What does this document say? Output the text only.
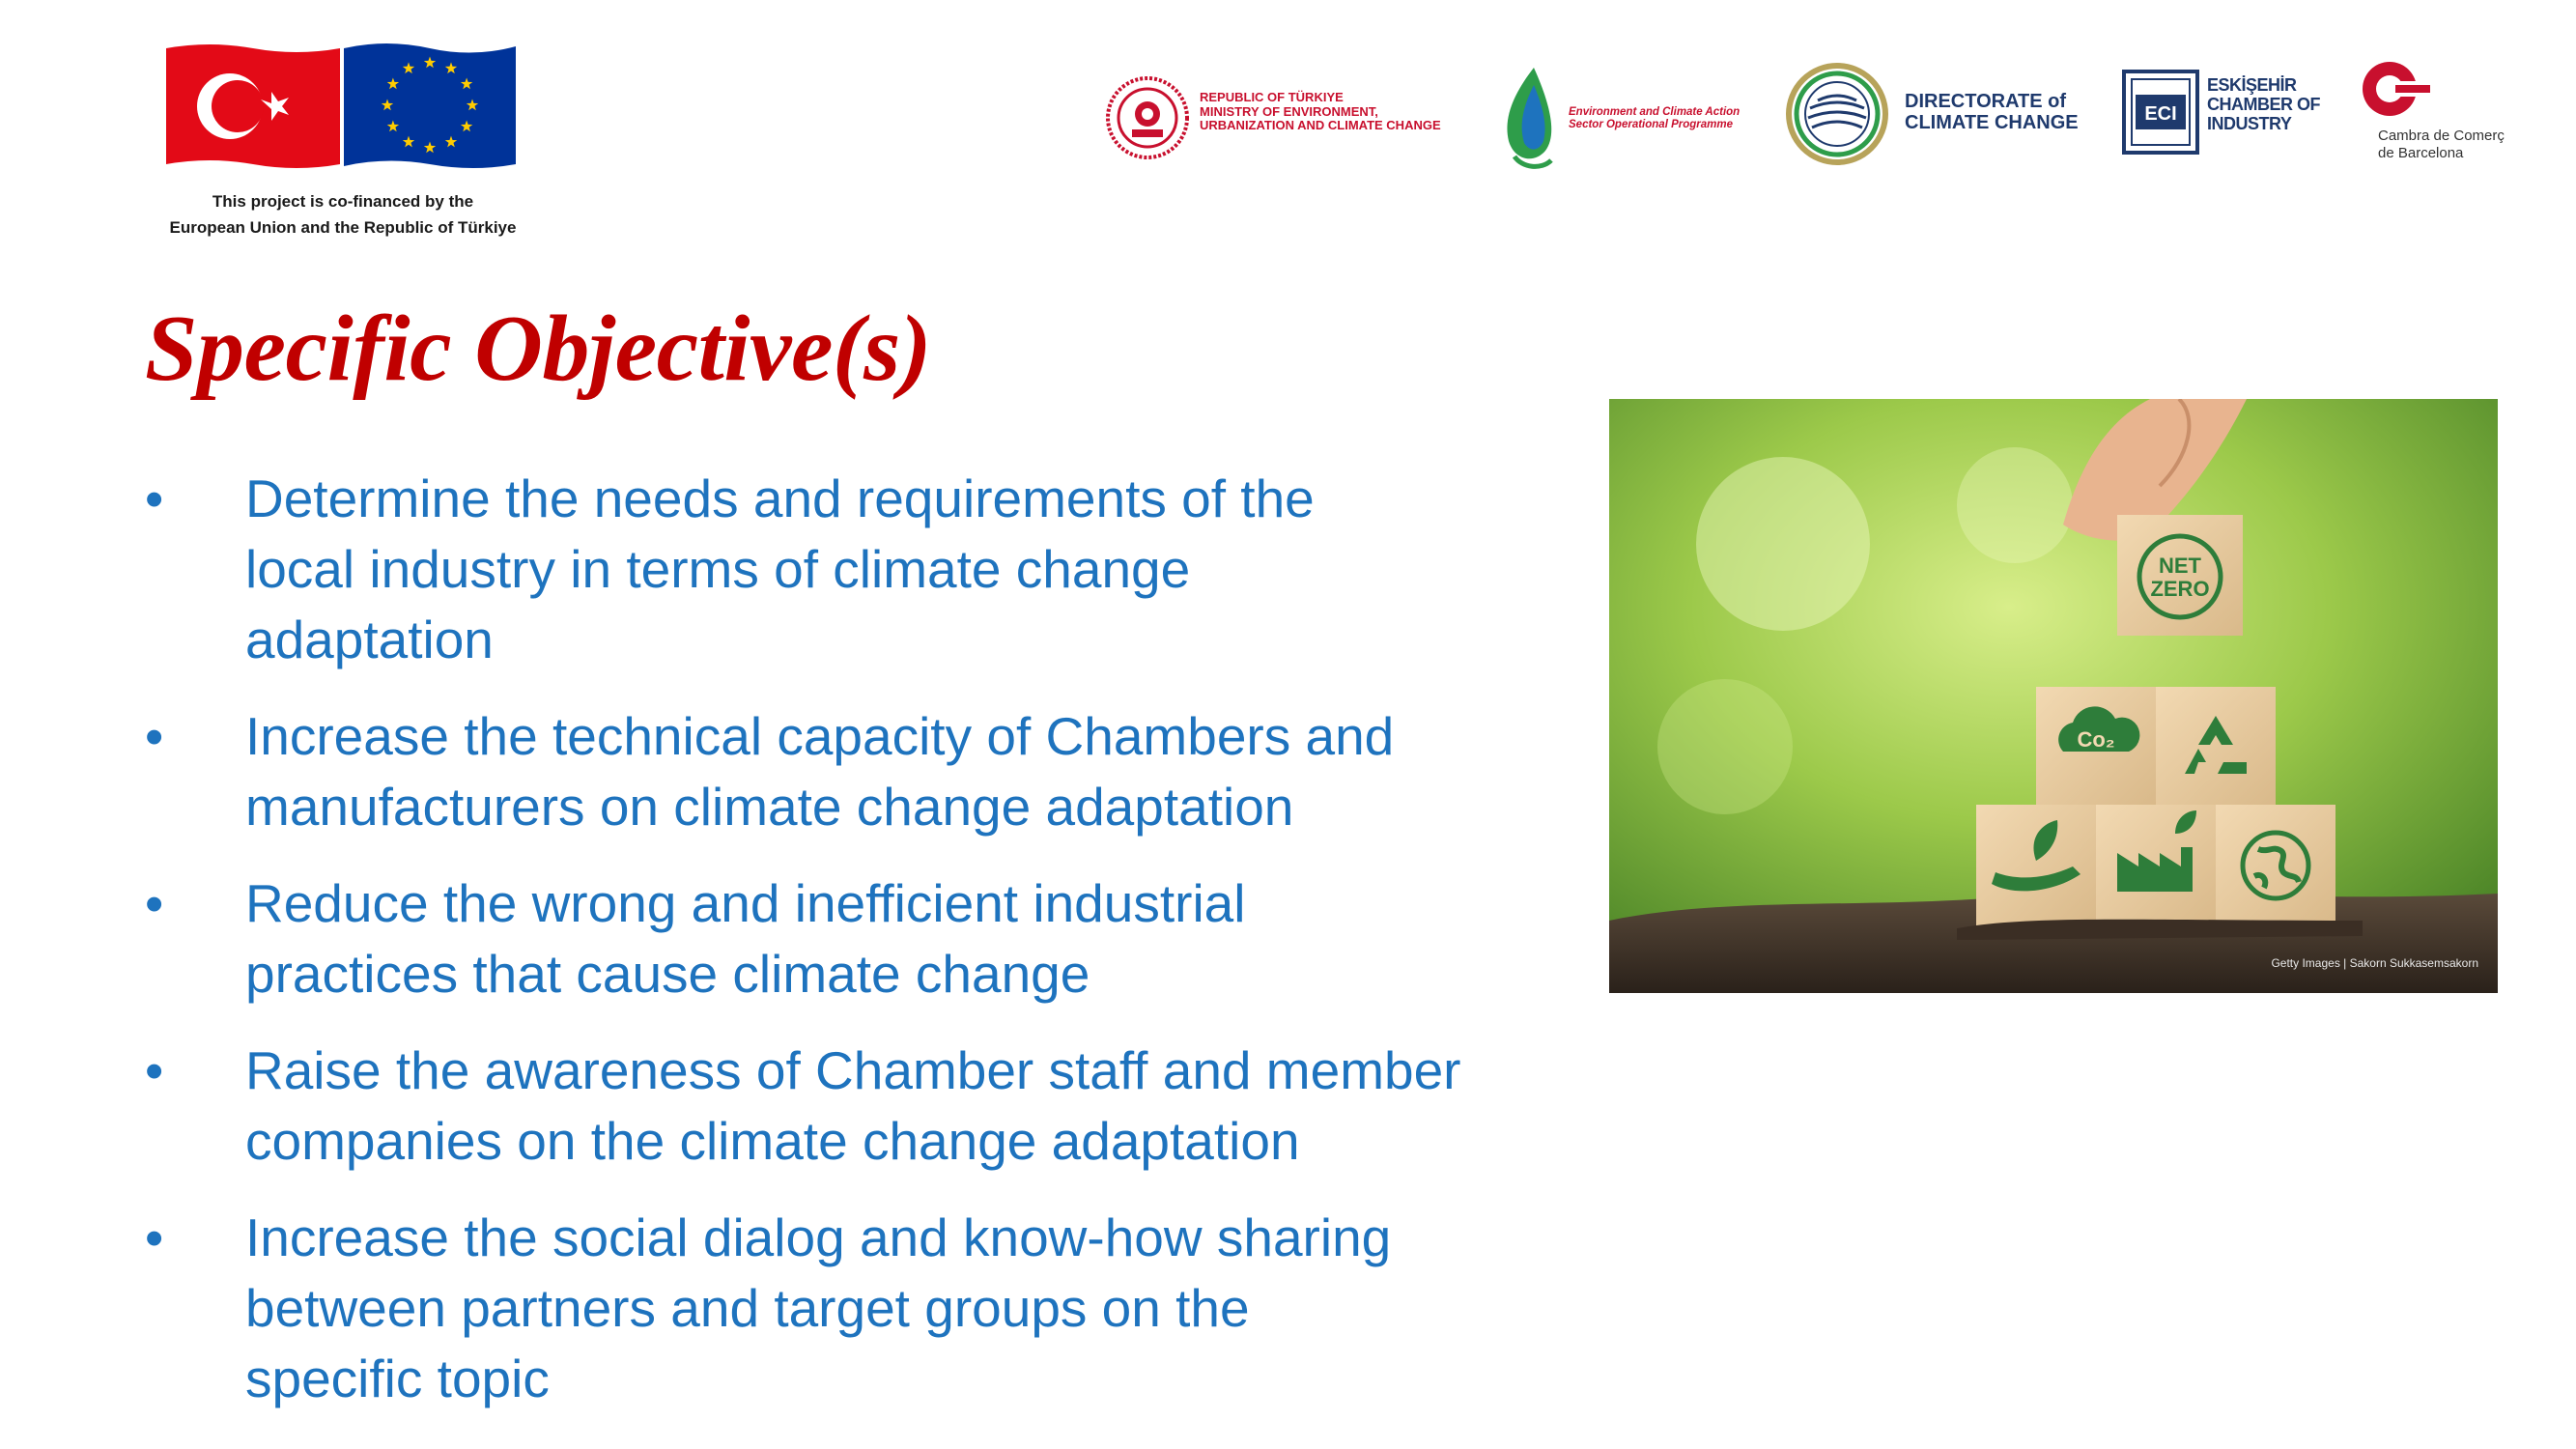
This project is co-financed by the
European Union and the Republic of Türkiye
REPUBLIC OF TÜRKIYE
MINISTRY OF ENVIRONMENT,
URBANIZATION AND CLIMATE CHANGE
Environment and Climate Action
Sector Operational Programme
DIRECTORATE of
CLIMATE CHANGE	ECI
ESKİŞEHİR
CHAMBER OF
INDUSTRY
Cambra de Comerç
de Barcelona
Specific Objective(s)
•	Determine the needs and requirements of the
local industry in terms of climate change
adaptation
•	Increase the technical capacity of Chambers and
manufacturers on climate change adaptation
•	Reduce the wrong and inefficient industrial
practices that cause climate change
•	Raise the awareness of Chamber staff and member
companies on the climate change adaptation
•	Increase the social dialog and know-how sharing
between partners and target groups on the
specific topic
NET
ZERO
Co₂
Getty Images | Sakorn Sukkasemsakorn
